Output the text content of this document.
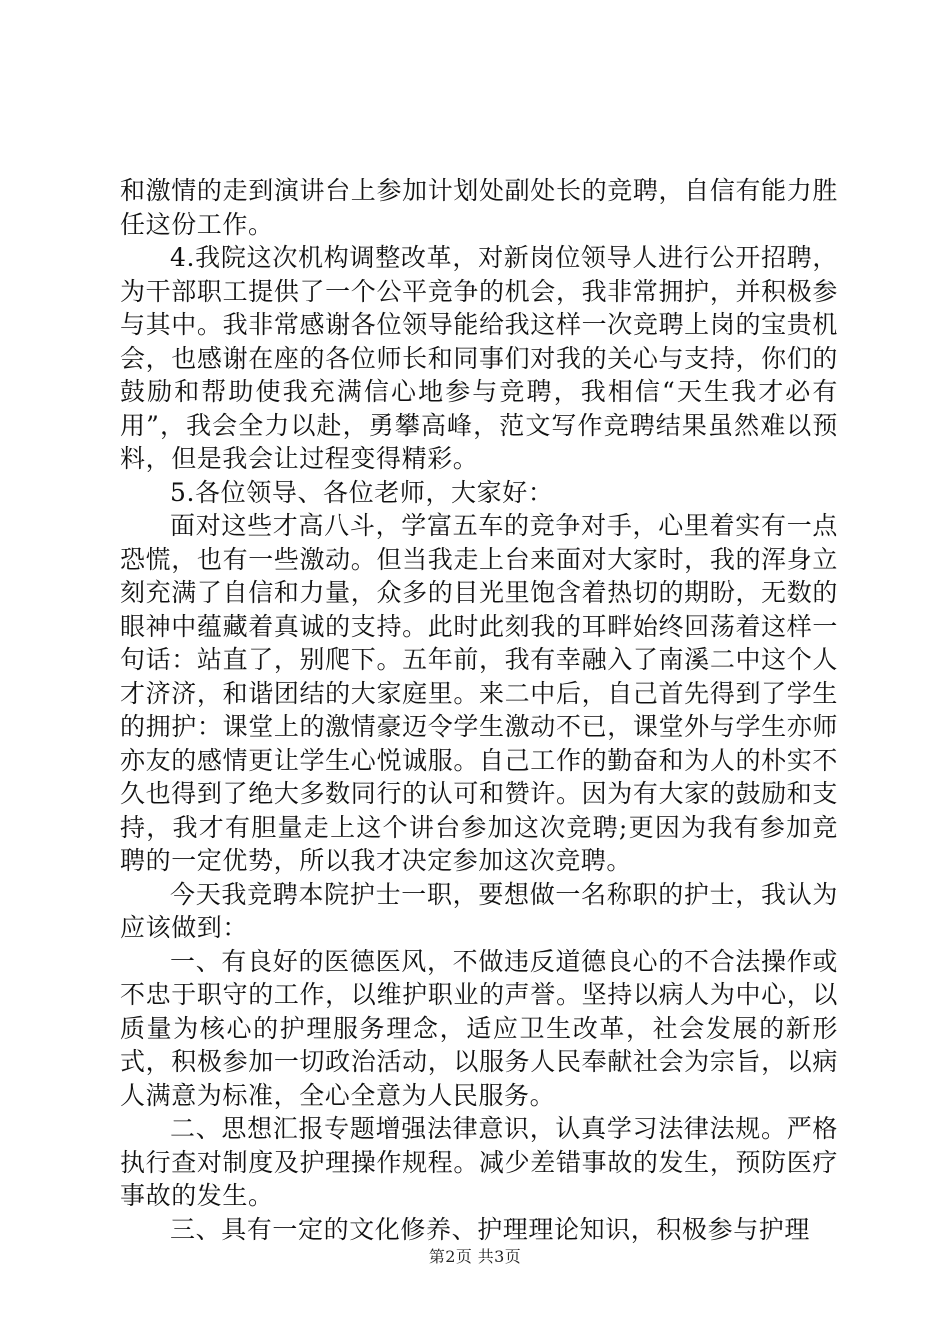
和激情的走到演讲台上参加计划处副处长的竞聘，自信有能力胜任这份工作。

4.我院这次机构调整改革，对新岗位领导人进行公开招聘，为干部职工提供了一个公平竞争的机会，我非常拥护，并积极参与其中。我非常感谢各位领导能给我这样一次竞聘上岗的宝贵机会，也感谢在座的各位师长和同事们对我的关心与支持，你们的鼓励和帮助使我充满信心地参与竞聘，我相信“天生我才必有用”，我会全力以赴，勇攀高峰，范文写作竞聘结果虽然难以预料，但是我会让过程变得精彩。

5.各位领导、各位老师，大家好：

面对这些才高八斗，学富五车的竞争对手，心里着实有一点恐慌，也有一些激动。但当我走上台来面对大家时，我的浑身立刻充满了自信和力量，众多的目光里饱含着热切的期盼，无数的眼神中蕴藏着真诚的支持。此时此刻我的耳畔始终回荡着这样一句话：站直了，别爬下。五年前，我有幸融入了南溪二中这个人才济济，和谐团结的大家庭里。来二中后，自己首先得到了学生的拥护：课堂上的激情豪迈令学生激动不已，课堂外与学生亦师亦友的感情更让学生心悦诚服。自己工作的勤奋和为人的朴实不久也得到了绝大多数同行的认可和赞许。因为有大家的鼓励和支持，我才有胆量走上这个讲台参加这次竞聘;更因为我有参加竞聘的一定优势，所以我才决定参加这次竞聘。

今天我竞聘本院护士一职，要想做一名称职的护士，我认为应该做到：

一、有良好的医德医风，不做违反道德良心的不合法操作或不忠于职守的工作，以维护职业的声誉。坚持以病人为中心，以质量为核心的护理服务理念，适应卫生改革，社会发展的新形式，积极参加一切政治活动，以服务人民奉献社会为宗旨，以病人满意为标准，全心全意为人民服务。

二、思想汇报专题增强法律意识，认真学习法律法规。严格执行查对制度及护理操作规程。减少差错事故的发生，预防医疗事故的发生。

三、具有一定的文化修养、护理理论知识，积极参与护理

第2页 共3页
